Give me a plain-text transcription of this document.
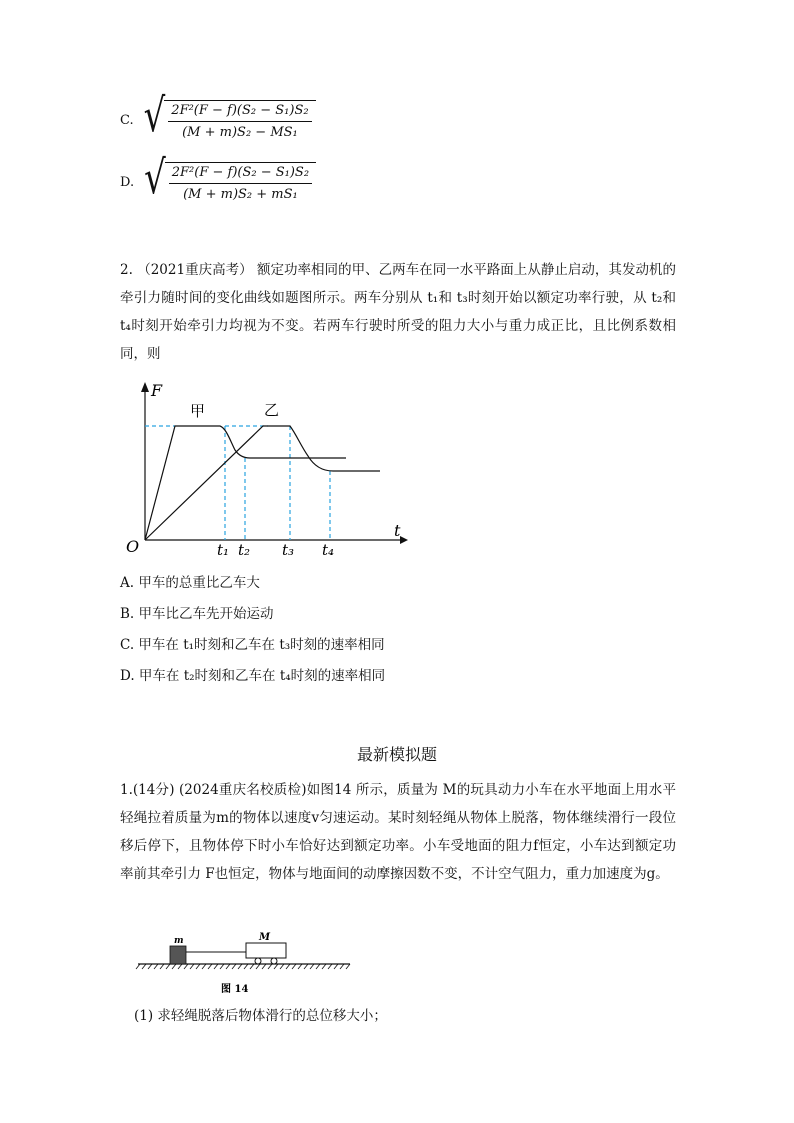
C. √ 2F²(F − f)(S₂ − S₁)S₂
(M + m)S₂ − MS₁
D. √ 2F²(F − f)(S₂ − S₁)S₂
(M + m)S₂ + mS₁
2. （2021重庆高考） 额定功率相同的甲、乙两车在同一水平路面上从静止启动，其发动机的牵引力随时间的变化曲线如题图所示。两车分别从 t₁和 t₃时刻开始以额定功率行驶，从 t₂和 t₄时刻开始牵引力均视为不变。若两车行驶时所受的阻力大小与重力成正比，且比例系数相同，则
F
t
O
甲	乙
t₁ t₂ t₃ t₄
A. 甲车的总重比乙车大
B. 甲车比乙车先开始运动
C. 甲车在 t₁时刻和乙车在 t₃时刻的速率相同
D. 甲车在 t₂时刻和乙车在 t₄时刻的速率相同
最新模拟题
1.(14分) (2024重庆名校质检)如图14 所示，质量为 M的玩具动力小车在水平地面上用水平轻绳拉着质量为m的物体以速度v匀速运动。某时刻轻绳从物体上脱落，物体继续滑行一段位移后停下，且物体停下时小车恰好达到额定功率。小车受地面的阻力f恒定，小车达到额定功率前其牵引力 F也恒定，物体与地面间的动摩擦因数不变，不计空气阻力，重力加速度为g。
m	M
图 14
(1) 求轻绳脱落后物体滑行的总位移大小；
